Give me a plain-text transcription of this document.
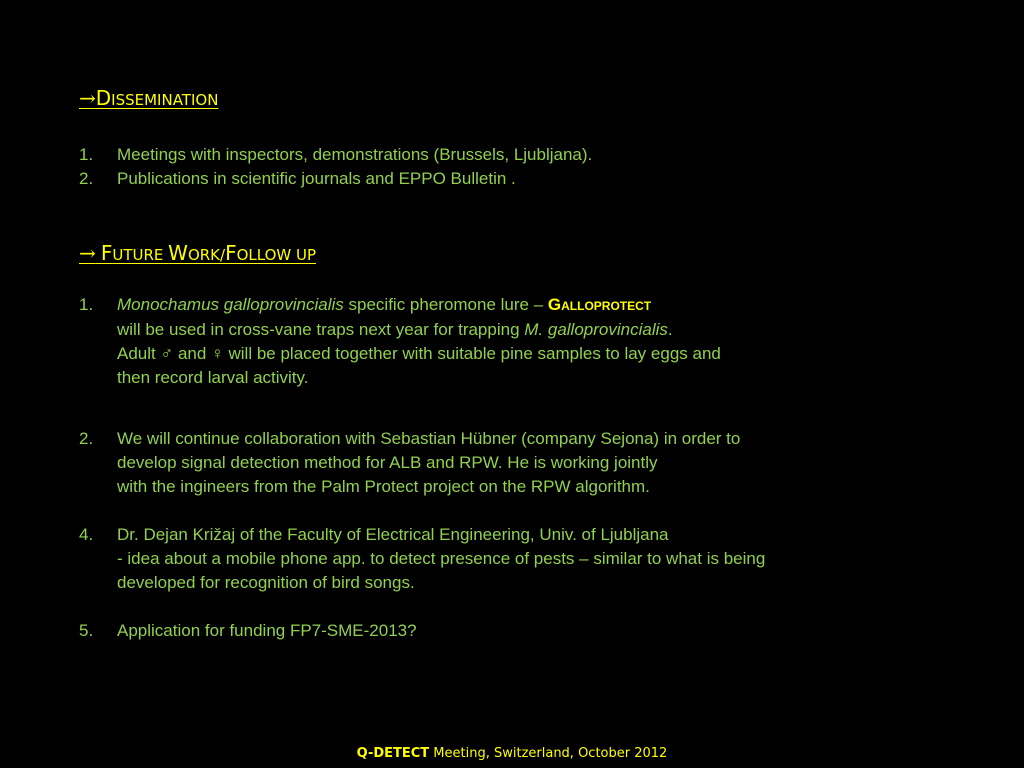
→DISSEMINATION
1. Meetings with inspectors, demonstrations (Brussels, Ljubljana).
2. Publications in scientific journals and EPPO Bulletin .
→ FUTURE WORK/FOLLOW UP
1. Monochamus galloprovincialis specific pheromone lure – Galloprotect
will be used in cross-vane traps next year for trapping M. galloprovincialis.
Adult ♂ and ♀ will be placed together with suitable pine samples to lay eggs and
then record larval activity.
2. We will continue collaboration with Sebastian Hübner (company Sejona) in order to
develop signal detection method for ALB and RPW. He is working jointly
with the ingineers from the Palm Protect project on the RPW algorithm.
4. Dr. Dejan Križaj of the Faculty of Electrical Engineering, Univ. of Ljubljana
- idea about a mobile phone app. to detect presence of pests – similar to what is being
developed for recognition of bird songs.
5. Application for funding FP7-SME-2013?
Q-DETECT Meeting, Switzerland, October 2012
